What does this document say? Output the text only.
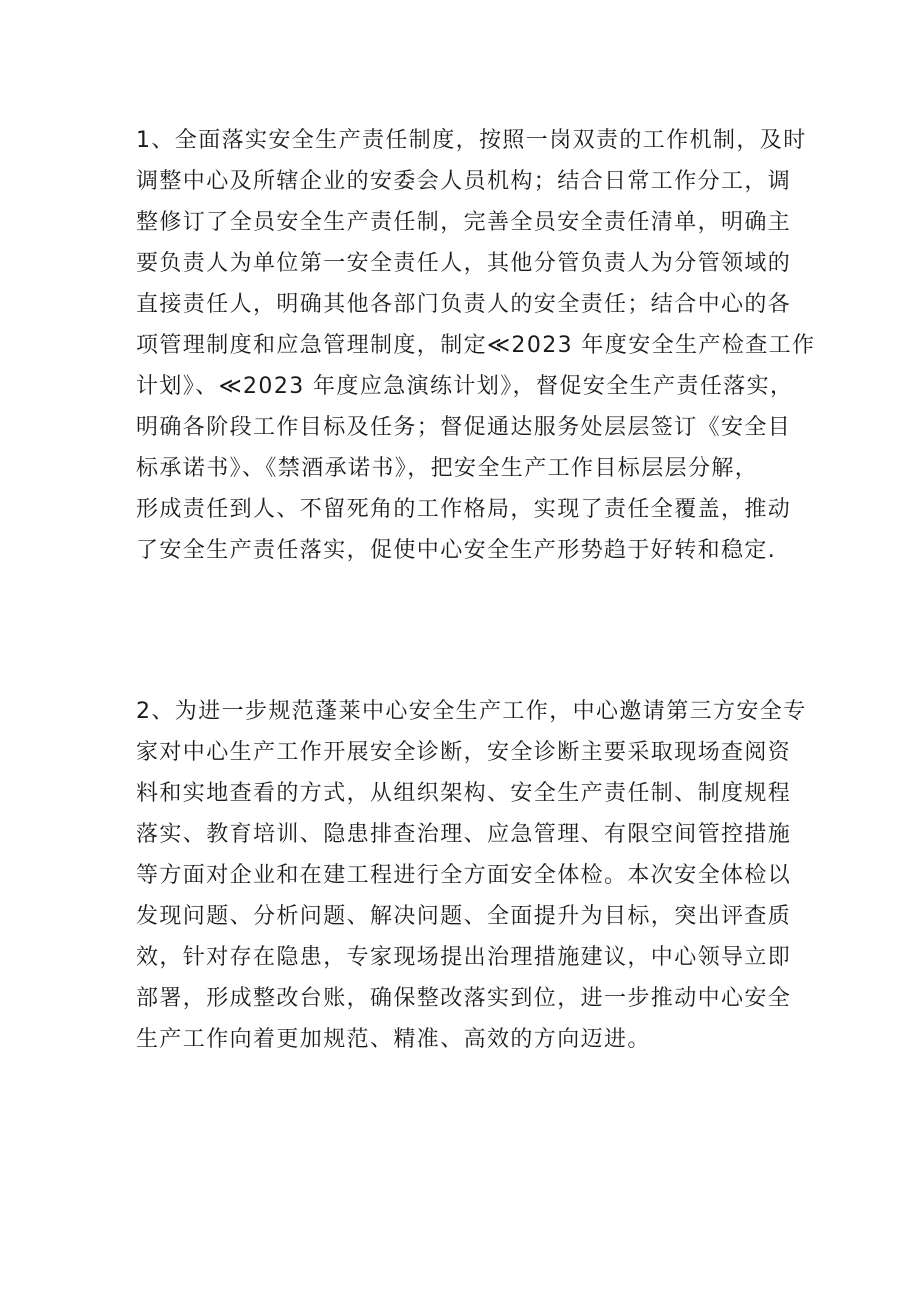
1、全面落实安全生产责任制度，按照一岗双责的工作机制，及时
调整中心及所辖企业的安委会人员机构；结合日常工作分工，调
整修订了全员安全生产责任制，完善全员安全责任清单，明确主
要负责人为单位第一安全责任人，其他分管负责人为分管领域的
直接责任人，明确其他各部门负责人的安全责任；结合中心的各
项管理制度和应急管理制度，制定≪2023 年度安全生产检查工作
计划》、≪2023 年度应急演练计划》，督促安全生产责任落实，
明确各阶段工作目标及任务；督促通达服务处层层签订《安全目
标承诺书》、《禁酒承诺书》，把安全生产工作目标层层分解，
形成责任到人、不留死角的工作格局，实现了责任全覆盖，推动
了安全生产责任落实，促使中心安全生产形势趋于好转和稳定.
2、为进一步规范蓬莱中心安全生产工作，中心邀请第三方安全专
家对中心生产工作开展安全诊断，安全诊断主要采取现场查阅资
料和实地查看的方式，从组织架构、安全生产责任制、制度规程
落实、教育培训、隐患排查治理、应急管理、有限空间管控措施
等方面对企业和在建工程进行全方面安全体检。本次安全体检以
发现问题、分析问题、解决问题、全面提升为目标，突出评查质
效，针对存在隐患，专家现场提出治理措施建议，中心领导立即
部署，形成整改台账，确保整改落实到位，进一步推动中心安全
生产工作向着更加规范、精准、高效的方向迈进。
